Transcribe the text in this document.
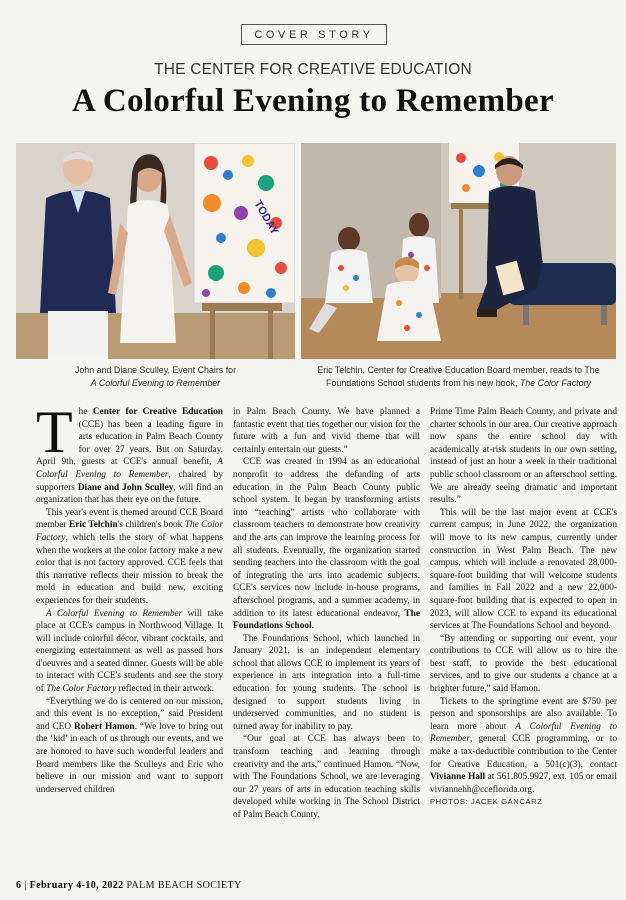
COVER STORY
THE CENTER FOR CREATIVE EDUCATION
A Colorful Evening to Remember
TODAY
John and Diane Sculley, Event Chairs for
A Colorful Evening to Remember
Eric Telchin, Center for Creative Education Board member, reads to The
Foundations School students from his new book, The Color Factory

The Center for Creative Education (CCE) has been a leading figure in arts education in Palm Beach County for over 27 years. But on Saturday, April 9th, guests at CCE's annual benefit, A Colorful Evening to Remember, chaired by supporters Diane and John Sculley, will find an organization that has their eye on the future.

This year's event is themed around CCE Board member Eric Telchin's children's book The Color Factory, which tells the story of what happens when the workers at the color factory make a new color that is not factory approved. CCE feels that this narrative reflects their mission to break the mold in education and build new, exciting experiences for their students.

A Colorful Evening to Remember will take place at CCE's campus in Northwood Village. It will include colorful décor, vibrant cocktails, and energizing entertainment as well as passed hors d'oeuvres and a seated dinner. Guests will be able to interact with CCE's students and see the story of The Color Factory reflected in their artwork.

“Everything we do is centered on our mission, and this event is no exception,” said President and CEO Robert Hamon. “We love to bring out the ‘kid’ in each of us through our events, and we are honored to have such wonderful leaders and Board members like the Sculleys and Eric who believe in our mission and want to support underserved children

in Palm Beach County. We have planned a fantastic event that ties together our vision for the future with a fun and vivid theme that will certainly entertain our guests.”

CCE was created in 1994 as an educational nonprofit to address the defunding of arts education in the Palm Beach County public school system. It began by transforming artists into “teaching” artists who collaborate with classroom teachers to demonstrate how creativity and the arts can improve the learning process for all students. Eventually, the organization started sending teachers into the classroom with the goal of integrating the arts into academic subjects. CCE's services now include in-house programs, afterschool programs, and a summer academy, in addition to its latest educational endeavor, The Foundations School.

The Foundations School, which launched in January 2021, is an independent elementary school that allows CCE to implement its years of experience in arts integration into a full-time education for young students. The school is designed to support students living in underserved communities, and no student is turned away for inability to pay.

“Our goal at CCE has always been to transform teaching and learning through creativity and the arts,” continued Hamon. “Now, with The Foundations School, we are leveraging our 27 years of arts in education teaching skills developed while working in The School District of Palm Beach County,

Prime Time Palm Beach County, and private and charter schools in our area. Our creative approach now spans the entire school day with academically at-risk students in our own setting, instead of just an hour a week in their traditional public school classroom or an afterschool setting. We are already seeing dramatic and important results.”

This will be the last major event at CCE's current campus; in June 2022, the organization will move to its new campus, currently under construction in West Palm Beach. The new campus, which will include a renovated 28,000-square-foot building that will welcome students and families in Fall 2022 and a new 22,000-square-foot building that is expected to open in 2023, will allow CCE to expand its educational services at The Foundations School and beyond.

“By attending or supporting our event, your contributions to CCE will allow us to hire the best staff, to provide the best educational services, and to give our students a chance at a brighter future,” said Hamon.

Tickets to the springtime event are $750 per person and sponsorships are also available. To learn more about A Colorful Evening to Remember, general CCE programming, or to make a tax-deductible contribution to the Center for Creative Education, a 501(c)(3), contact Vivianne Hall at 561.805.9927, ext. 105 or email viviannehh@cceflorida.org.

PHOTOS: JACEK GANCARZ

6 | February 4-10, 2022 PALM BEACH SOCIETY
